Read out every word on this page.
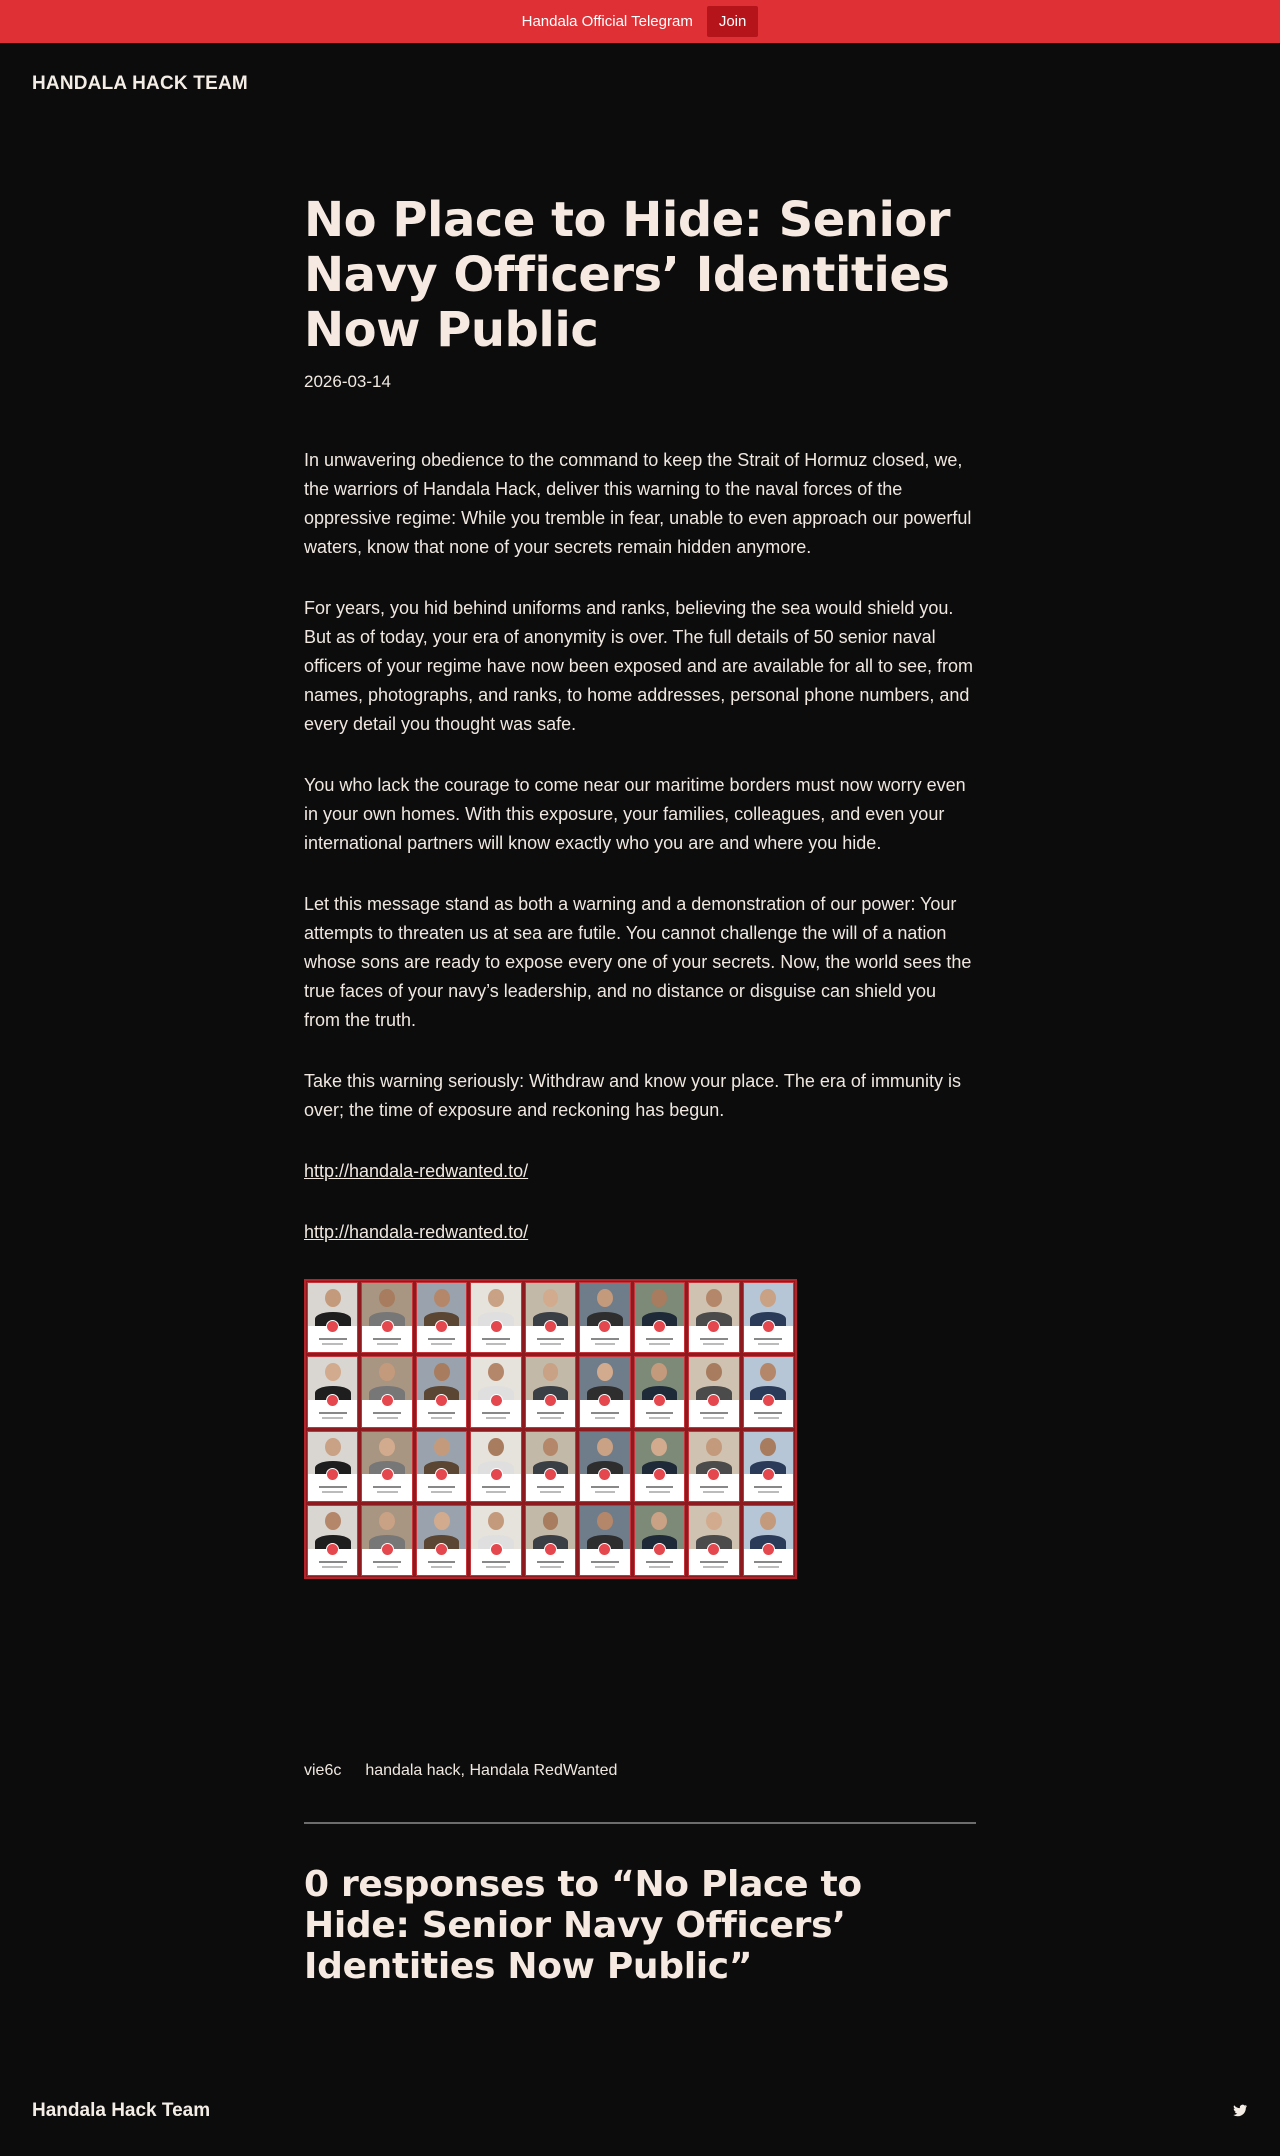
Handala Official Telegram	Join
HANDALA HACK TEAM
No Place to Hide: Senior Navy Officers’ Identities Now Public
2026-03-14

In unwavering obedience to the command to keep the Strait of Hormuz closed, we, the warriors of Handala Hack, deliver this warning to the naval forces of the oppressive regime: While you tremble in fear, unable to even approach our powerful waters, know that none of your secrets remain hidden anymore.

For years, you hid behind uniforms and ranks, believing the sea would shield you. But as of today, your era of anonymity is over. The full details of 50 senior naval officers of your regime have now been exposed and are available for all to see, from names, photographs, and ranks, to home addresses, personal phone numbers, and every detail you thought was safe.

You who lack the courage to come near our maritime borders must now worry even in your own homes. With this exposure, your families, colleagues, and even your international partners will know exactly who you are and where you hide.

Let this message stand as both a warning and a demonstration of our power: Your attempts to threaten us at sea are futile. You cannot challenge the will of a nation whose sons are ready to expose every one of your secrets. Now, the world sees the true faces of your navy’s leadership, and no distance or disguise can shield you from the truth.

Take this warning seriously: Withdraw and know your place. The era of immunity is over; the time of exposure and reckoning has begun.

http://handala-redwanted.to/

http://handala-redwanted.to/

vie6c handala hack, Handala RedWanted
0 responses to “No Place to Hide: Senior Navy Officers’ Identities Now Public”
Handala Hack Team
